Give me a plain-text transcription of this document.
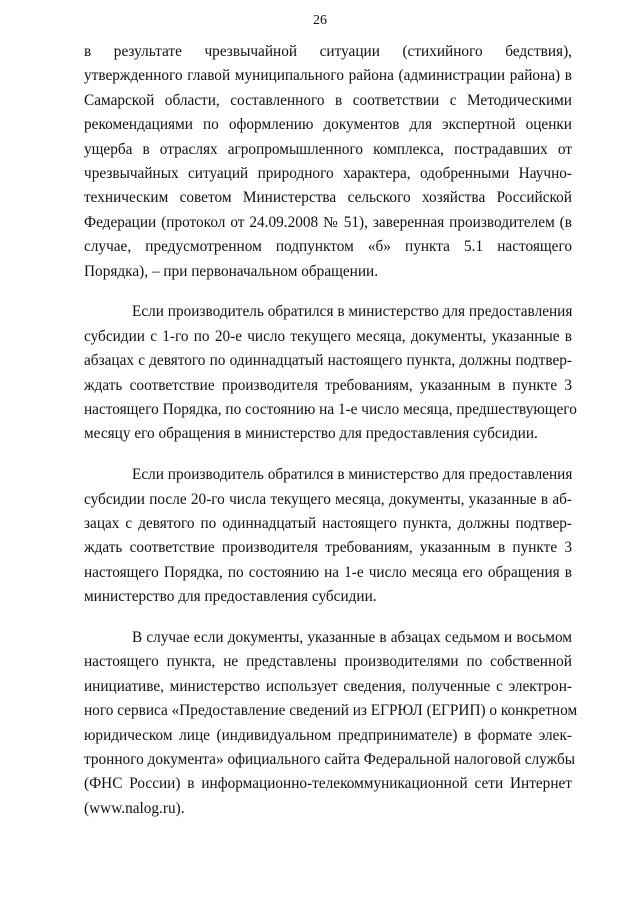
26
в результате чрезвычайной ситуации (стихийного бедствия),
утвержденного главой муниципального района (администрации района) в
Самарской области, составленного в соответствии с Методическими
рекомендациями по оформлению документов для экспертной оценки
ущерба в отраслях агропромышленного комплекса, пострадавших от
чрезвычайных ситуаций природного характера, одобренными Научно-
техническим советом Министерства сельского хозяйства Российской
Федерации (протокол от 24.09.2008 № 51), заверенная производителем (в
случае, предусмотренном подпунктом «б» пункта 5.1 настоящего
Порядка), – при первоначальном обращении.
Если производитель обратился в министерство для предоставления
субсидии с 1-го по 20-е число текущего месяца, документы, указанные в
абзацах с девятого по одиннадцатый настоящего пункта, должны подтвер-
ждать соответствие производителя требованиям, указанным в пункте 3
настоящего Порядка, по состоянию на 1-е число месяца, предшествующего
месяцу его обращения в министерство для предоставления субсидии.
Если производитель обратился в министерство для предоставления
субсидии после 20-го числа текущего месяца, документы, указанные в аб-
зацах с девятого по одиннадцатый настоящего пункта, должны подтвер-
ждать соответствие производителя требованиям, указанным в пункте 3
настоящего Порядка, по состоянию на 1-е число месяца его обращения в
министерство для предоставления субсидии.
В случае если документы, указанные в абзацах седьмом и восьмом
настоящего пункта, не представлены производителями по собственной
инициативе, министерство использует сведения, полученные с электрон-
ного сервиса «Предоставление сведений из ЕГРЮЛ (ЕГРИП) о конкретном
юридическом лице (индивидуальном предпринимателе) в формате элек-
тронного документа» официального сайта Федеральной налоговой службы
(ФНС России) в информационно-телекоммуникационной сети Интернет
(www.nalog.ru).
